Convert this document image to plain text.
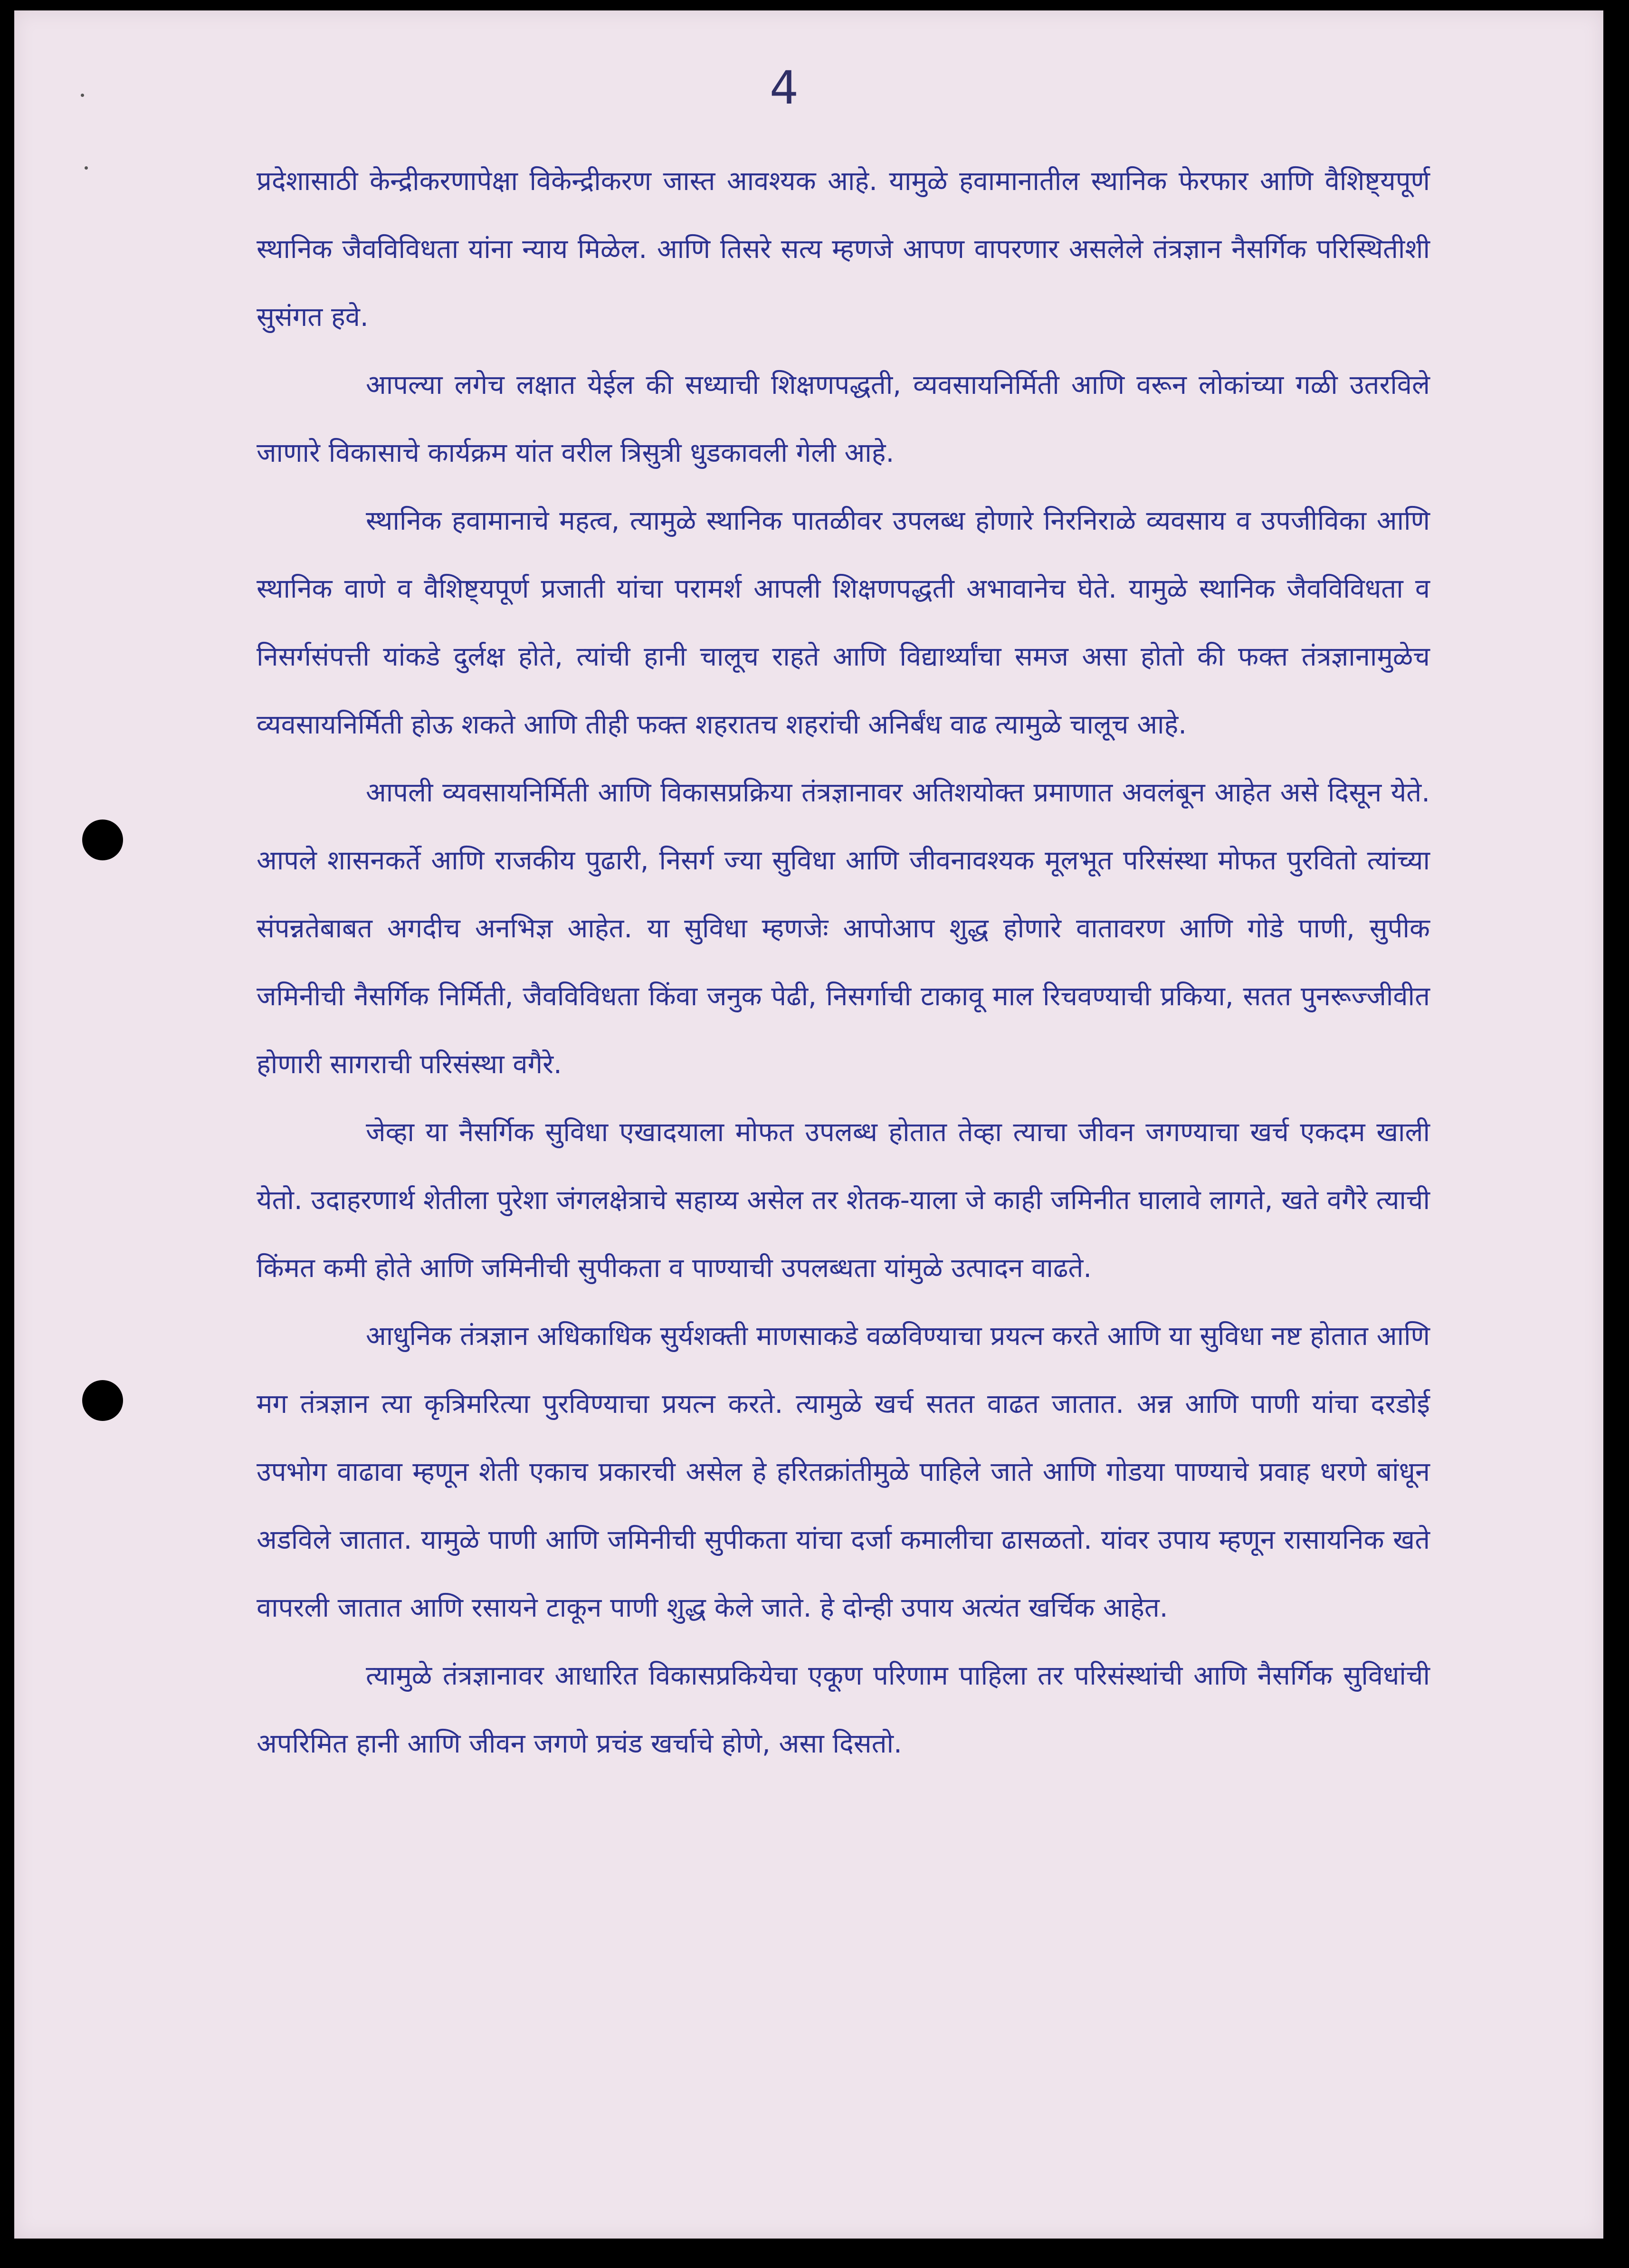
4

प्रदेशासाठी केन्द्रीकरणापेक्षा विकेन्द्रीकरण जास्त आवश्यक आहे. यामुळे हवामानातील स्थानिक फेरफार आणि वैशिष्ट्यपूर्ण स्थानिक जैवविविधता यांना न्याय मिळेल. आणि तिसरे सत्य म्हणजे आपण वापरणार असलेले तंत्रज्ञान नैसर्गिक परिस्थितीशी सुसंगत हवे.

आपल्या लगेच लक्षात येईल की सध्याची शिक्षणपद्धती, व्यवसायनिर्मिती आणि वरून लोकांच्या गळी उतरविले जाणारे विकासाचे कार्यक्रम यांत वरील त्रिसुत्री धुडकावली गेली आहे.

स्थानिक हवामानाचे महत्व, त्यामुळे स्थानिक पातळीवर उपलब्ध होणारे निरनिराळे व्यवसाय व उपजीविका आणि स्थानिक वाणे व वैशिष्ट्यपूर्ण प्रजाती यांचा परामर्श आपली शिक्षणपद्धती अभावानेच घेते. यामुळे स्थानिक जैवविविधता व निसर्गसंपत्ती यांकडे दुर्लक्ष होते, त्यांची हानी चालूच राहते आणि विद्यार्थ्यांचा समज असा होतो की फक्त तंत्रज्ञानामुळेच व्यवसायनिर्मिती होऊ शकते आणि तीही फक्त शहरातच शहरांची अनिर्बंध वाढ त्यामुळे चालूच आहे.

आपली व्यवसायनिर्मिती आणि विकासप्रक्रिया तंत्रज्ञानावर अतिशयोक्त प्रमाणात अवलंबून आहेत असे दिसून येते. आपले शासनकर्ते आणि राजकीय पुढारी, निसर्ग ज्या सुविधा आणि जीवनावश्यक मूलभूत परिसंस्था मोफत पुरवितो त्यांच्या संपन्नतेबाबत अगदीच अनभिज्ञ आहेत. या सुविधा म्हणजेः आपोआप शुद्ध होणारे वातावरण आणि गोडे पाणी, सुपीक जमिनीची नैसर्गिक निर्मिती, जैवविविधता किंवा जनुक पेढी, निसर्गाची टाकावू माल रिचवण्याची प्रकिया, सतत पुनरूज्जीवीत होणारी सागराची परिसंस्था वगैरे.

जेव्हा या नैसर्गिक सुविधा एखादयाला मोफत उपलब्ध होतात तेव्हा त्याचा जीवन जगण्याचा खर्च एकदम खाली येतो. उदाहरणार्थ शेतीला पुरेशा जंगलक्षेत्राचे सहाय्य असेल तर शेतक-याला जे काही जमिनीत घालावे लागते, खते वगैरे त्याची किंमत कमी होते आणि जमिनीची सुपीकता व पाण्याची उपलब्धता यांमुळे उत्पादन वाढते.

आधुनिक तंत्रज्ञान अधिकाधिक सुर्यशक्ती माणसाकडे वळविण्याचा प्रयत्न करते आणि या सुविधा नष्ट होतात आणि मग तंत्रज्ञान त्या कृत्रिमरित्या पुरविण्याचा प्रयत्न करते. त्यामुळे खर्च सतत वाढत जातात. अन्न आणि पाणी यांचा दरडोई उपभोग वाढावा म्हणून शेती एकाच प्रकारची असेल हे हरितक्रांतीमुळे पाहिले जाते आणि गोडया पाण्याचे प्रवाह धरणे बांधून अडविले जातात. यामुळे पाणी आणि जमिनीची सुपीकता यांचा दर्जा कमालीचा ढासळतो. यांवर उपाय म्हणून रासायनिक खते वापरली जातात आणि रसायने टाकून पाणी शुद्ध केले जाते. हे दोन्ही उपाय अत्यंत खर्चिक आहेत.

त्यामुळे तंत्रज्ञानावर आधारित विकासप्रकियेचा एकूण परिणाम पाहिला तर परिसंस्थांची आणि नैसर्गिक सुविधांची अपरिमित हानी आणि जीवन जगणे प्रचंड खर्चाचे होणे, असा दिसतो.
